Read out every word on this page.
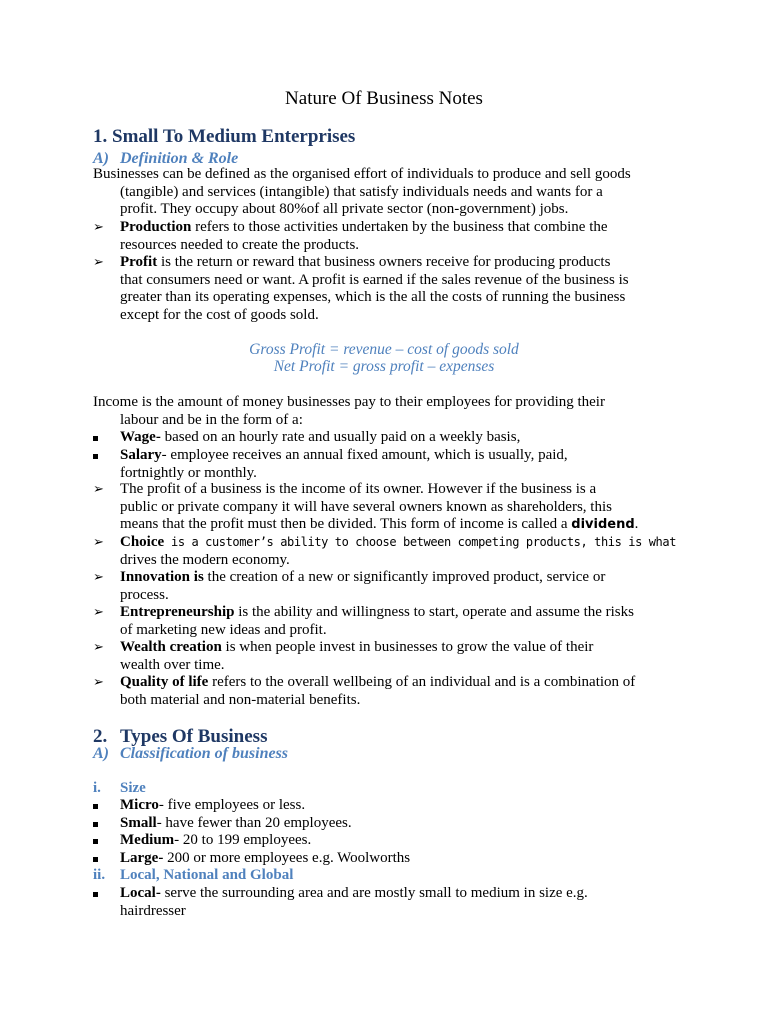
Nature Of Business Notes
1. Small To Medium Enterprises
A) Definition & Role
Businesses can be defined as the organised effort of individuals to produce and sell goods
(tangible) and services (intangible) that satisfy individuals needs and wants for a
profit. They occupy about 80%of all private sector (non-government) jobs.
➢	Production refers to those activities undertaken by the business that combine the
resources needed to create the products.
➢	Profit is the return or reward that business owners receive for producing products
that consumers need or want. A profit is earned if the sales revenue of the business is
greater than its operating expenses, which is the all the costs of running the business
except for the cost of goods sold.
Gross Profit = revenue – cost of goods sold
Net Profit = gross profit – expenses
Income is the amount of money businesses pay to their employees for providing their
labour and be in the form of a:
Wage- based on an hourly rate and usually paid on a weekly basis,
Salary- employee receives an annual fixed amount, which is usually, paid,
fortnightly or monthly.
➢	The profit of a business is the income of its owner. However if the business is a
public or private company it will have several owners known as shareholders, this
means that the profit must then be divided. This form of income is called a dividend.
➢	Choice is a customer’s ability to choose between competing products, this is what
drives the modern economy.
➢	Innovation is the creation of a new or significantly improved product, service or
process.
➢	Entrepreneurship is the ability and willingness to start, operate and assume the risks
of marketing new ideas and profit.
➢	Wealth creation is when people invest in businesses to grow the value of their
wealth over time.
➢	Quality of life refers to the overall wellbeing of an individual and is a combination of
both material and non-material benefits.
2. Types Of Business
A) Classification of business
i. Size
Micro- five employees or less.
Small- have fewer than 20 employees.
Medium- 20 to 199 employees.
Large- 200 or more employees e.g. Woolworths
ii. Local, National and Global
Local- serve the surrounding area and are mostly small to medium in size e.g.
hairdresser
